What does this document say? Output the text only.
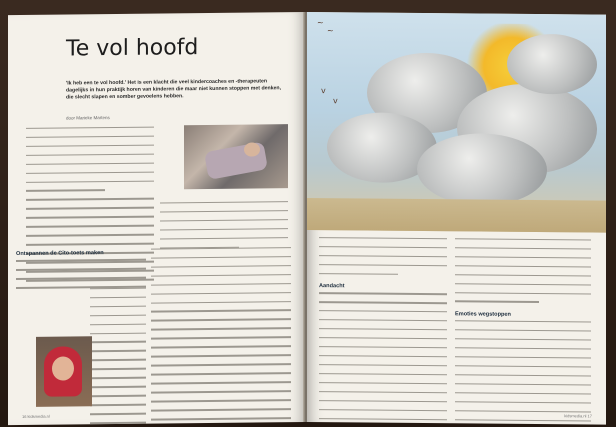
Te vol hoofd
'Ik heb een te vol hoofd.' Het is een klacht die veel kindercoaches en -therapeuten dagelijks in hun praktijk horen van kinderen die maar niet kunnen stoppen met denken, die slecht slapen en somber gevoelens hebben.
door Marieke Martens
Ontspannen de Cito-toets maken
16 kidsmedia.nl
~
~
v
v
Aandacht
Emoties wegstoppen
kidsmedia.nl 17
